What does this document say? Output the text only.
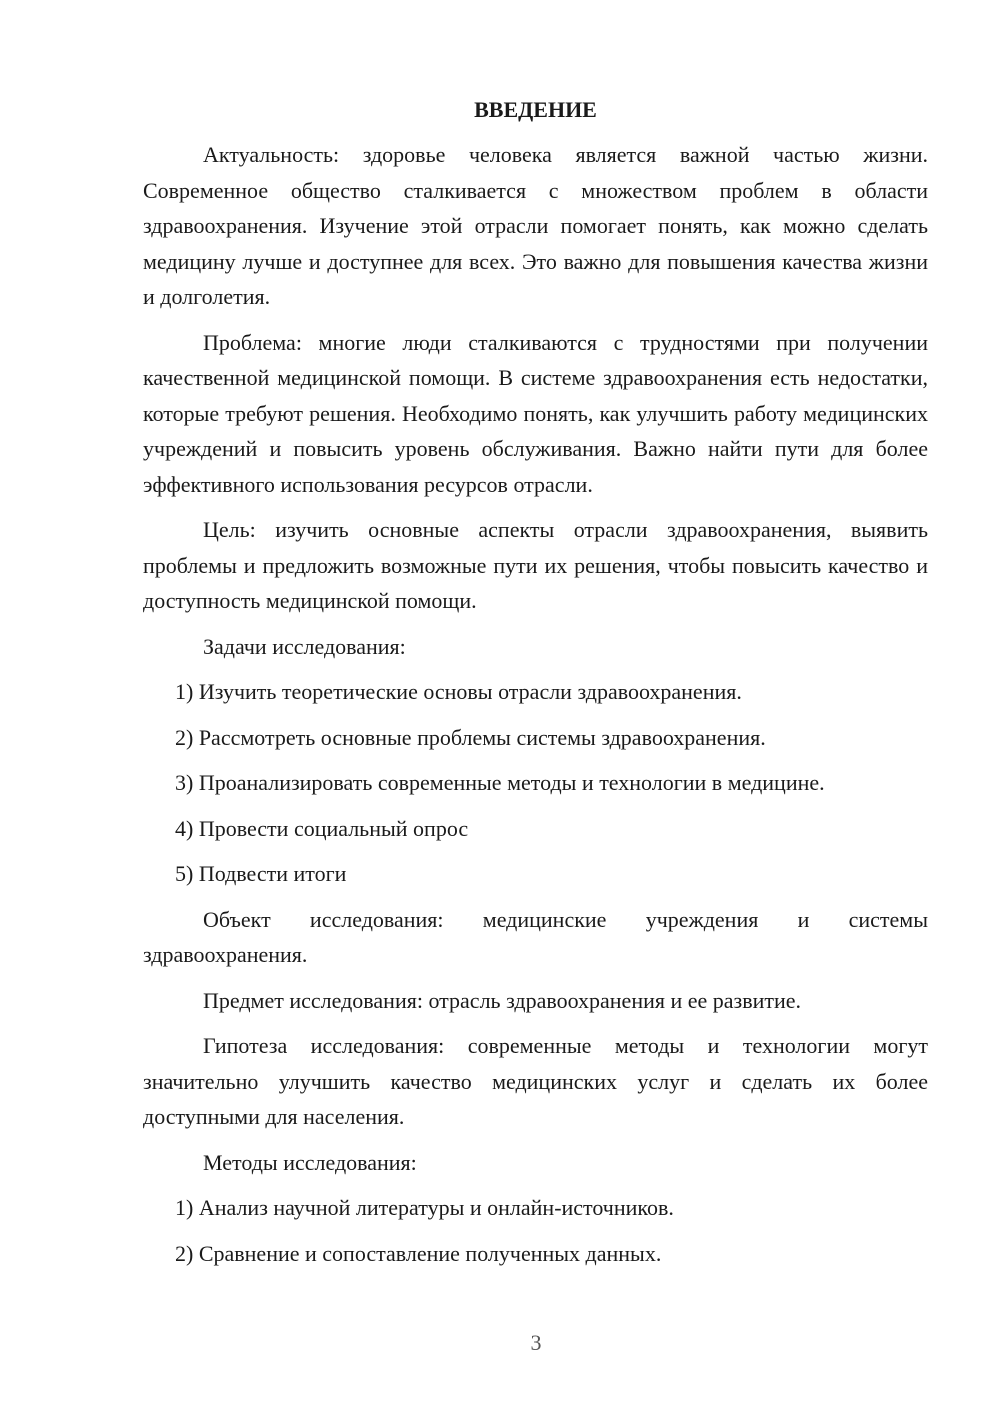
ВВЕДЕНИЕ

Актуальность: здоровье человека является важной частью жизни. Современное общество сталкивается с множеством проблем в области здравоохранения. Изучение этой отрасли помогает понять, как можно сделать медицину лучше и доступнее для всех. Это важно для повышения качества жизни и долголетия.

Проблема: многие люди сталкиваются с трудностями при получении качественной медицинской помощи. В системе здравоохранения есть недостатки, которые требуют решения. Необходимо понять, как улучшить работу медицинских учреждений и повысить уровень обслуживания. Важно найти пути для более эффективного использования ресурсов отрасли.

Цель: изучить основные аспекты отрасли здравоохранения, выявить проблемы и предложить возможные пути их решения, чтобы повысить качество и доступность медицинской помощи.

Задачи исследования:

1) Изучить теоретические основы отрасли здравоохранения.

2) Рассмотреть основные проблемы системы здравоохранения.

3) Проанализировать современные методы и технологии в медицине.

4) Провести социальный опрос

5) Подвести итоги

Объект исследования: медицинские учреждения и системы здравоохранения.

Предмет исследования: отрасль здравоохранения и ее развитие.

Гипотеза исследования: современные методы и технологии могут значительно улучшить качество медицинских услуг и сделать их более доступными для населения.

Методы исследования:

1) Анализ научной литературы и онлайн-источников.

2) Сравнение и сопоставление полученных данных.

3
